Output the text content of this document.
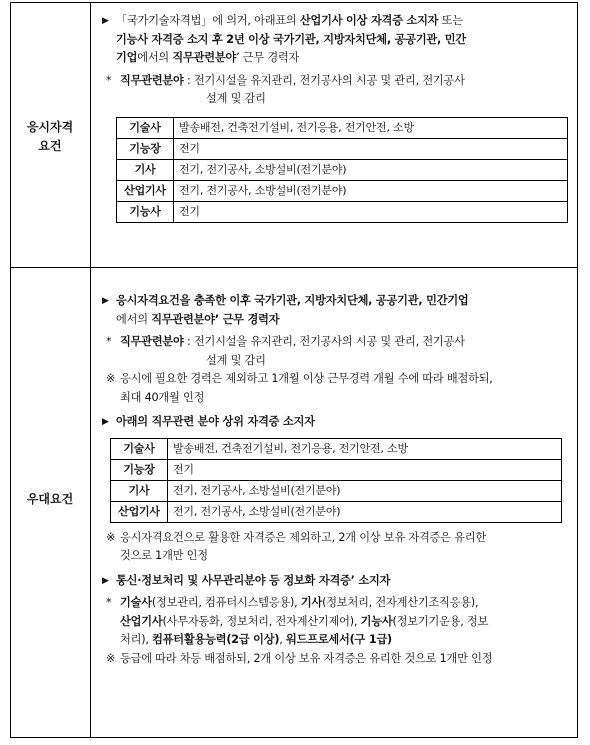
응시자격
요건
▶ 「국가기술자격법」에 의거, 아래표의 산업기사 이상 자격증 소지자 또는
기능사 자격증 소지 후 2년 이상 국가기관, 지방자치단체, 공공기관, 민간
기업에서의 직무관련분야’ 근무 경력자
* 직무관련분야 : 전기시설을 유지관리, 전기공사의 시공 및 관리, 전기공사
설계 및 감리
기술사	발송배전, 건축전기설비, 전기응용, 전기안전, 소방
기능장	전기
기사	전기, 전기공사, 소방설비(전기분야)
산업기사	전기, 전기공사, 소방설비(전기분야)
기능사	전기
우대요건
▶ 응시자격요건을 충족한 이후 국가기관, 지방자치단체, 공공기관, 민간기업
에서의 직무관련분야’ 근무 경력자
* 직무관련분야 : 전기시설을 유지관리, 전기공사의 시공 및 관리, 전기공사
설계 및 감리
※ 응시에 필요한 경력은 제외하고 1개월 이상 근무경력 개월 수에 따라 배점하되,
최대 40개월 인정
▶ 아래의 직무관련 분야 상위 자격증 소지자
기술사	발송배전, 건축전기설비, 전기응용, 전기안전, 소방
기능장	전기
기사	전기, 전기공사, 소방설비(전기분야)
산업기사	전기, 전기공사, 소방설비(전기분야)
※ 응시자격요건으로 활용한 자격증은 제외하고, 2개 이상 보유 자격증은 유리한
것으로 1개만 인정
▶ 통신·정보처리 및 사무관리분야 등 정보화 자격증’ 소지자
* 기술사(정보관리, 컴퓨터시스템응용), 기사(정보처리, 전자계산기조직응용),
산업기사(사무자동화, 정보처리, 전자계산기제어), 기능사(정보기기운용, 정보
처리), 컴퓨터활용능력(2급 이상), 워드프로세서(구 1급)
※ 등급에 따라 차등 배점하되, 2개 이상 보유 자격증은 유리한 것으로 1개만 인정
